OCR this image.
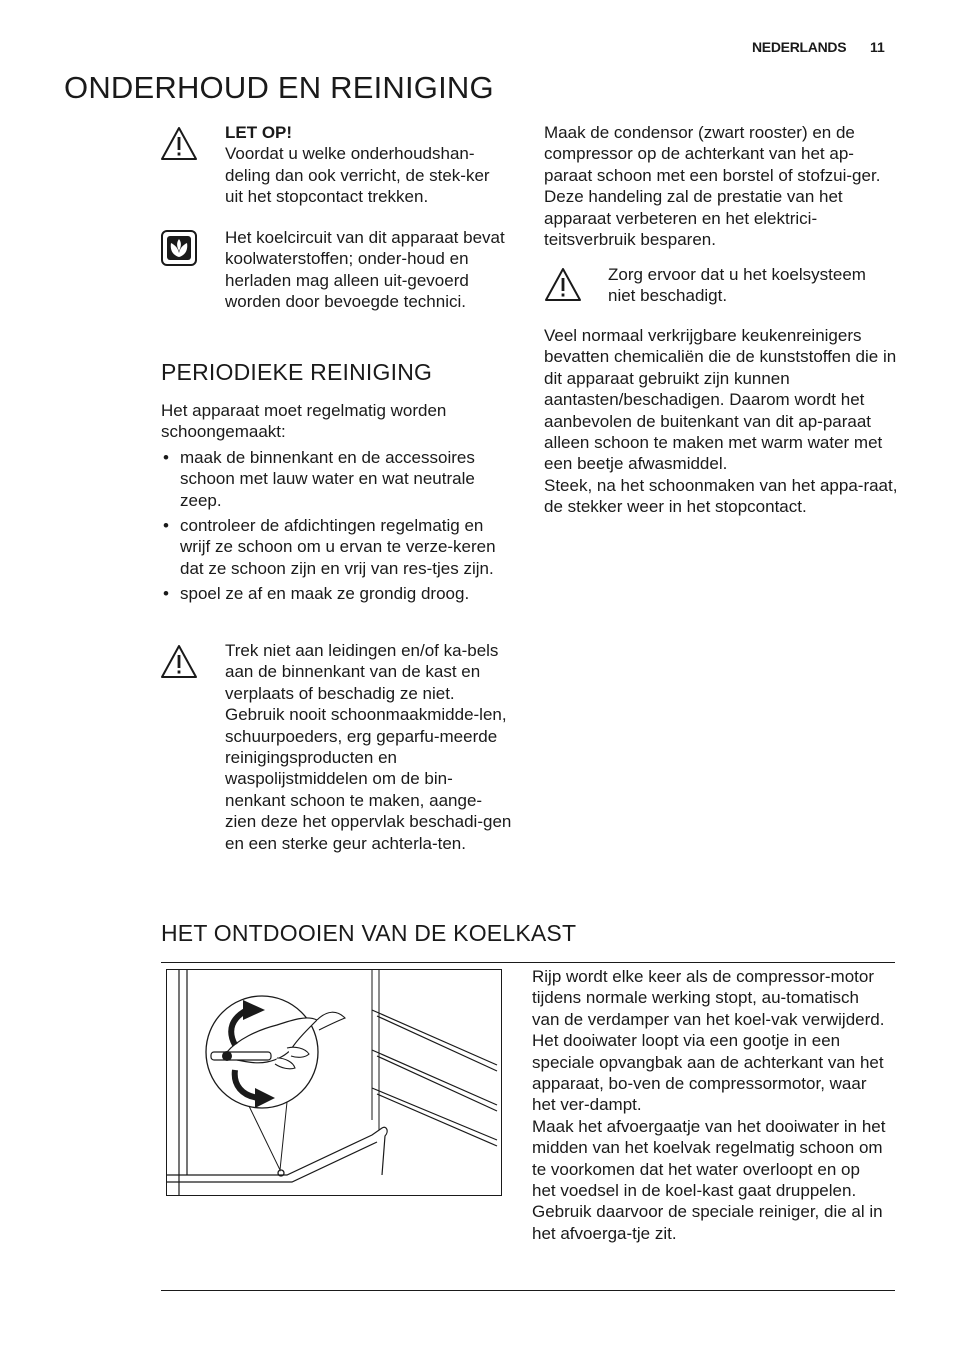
NEDERLANDS 11
ONDERHOUD EN REINIGING

LET OP!

Voordat u welke onderhoudshan-deling dan ook verricht, de stek-ker uit het stopcontact trekken.

Het koelcircuit van dit apparaat bevat koolwaterstoffen; onder-houd en herladen mag alleen uit-gevoerd worden door bevoegde technici.

PERIODIEKE REINIGING

Het apparaat moet regelmatig worden schoongemaakt:

• maak de binnenkant en de accessoires schoon met lauw water en wat neutrale zeep.
• controleer de afdichtingen regelmatig en wrijf ze schoon om u ervan te verze-keren dat ze schoon zijn en vrij van res-tjes zijn.
• spoel ze af en maak ze grondig droog.

Trek niet aan leidingen en/of ka-bels aan de binnenkant van de kast en verplaats of beschadig ze niet.

Gebruik nooit schoonmaakmidde-len, schuurpoeders, erg geparfu-meerde reinigingsproducten en waspolijstmiddelen om de bin-nenkant schoon te maken, aange-zien deze het oppervlak beschadi-gen en een sterke geur achterla-ten.

Maak de condensor (zwart rooster) en de compressor op de achterkant van het ap-paraat schoon met een borstel of stofzui-ger. Deze handeling zal de prestatie van het apparaat verbeteren en het elektrici-teitsverbruik besparen.

Zorg ervoor dat u het koelsysteem niet beschadigt.

Veel normaal verkrijgbare keukenreinigers bevatten chemicaliën die de kunststoffen die in dit apparaat gebruikt zijn kunnen aantasten/beschadigen. Daarom wordt het aanbevolen de buitenkant van dit ap-paraat alleen schoon te maken met warm water met een beetje afwasmiddel.

Steek, na het schoonmaken van het appa-raat, de stekker weer in het stopcontact.

HET ONTDOOIEN VAN DE KOELKAST

Rijp wordt elke keer als de compressor-motor tijdens normale werking stopt, au-tomatisch van de verdamper van het koel-vak verwijderd. Het dooiwater loopt via een gootje in een speciale opvangbak aan de achterkant van het apparaat, bo-ven de compressormotor, waar het ver-dampt.

Maak het afvoergaatje van het dooiwater in het midden van het koelvak regelmatig schoon om te voorkomen dat het water overloopt en op het voedsel in de koel-kast gaat druppelen. Gebruik daarvoor de speciale reiniger, die al in het afvoerga-tje zit.
